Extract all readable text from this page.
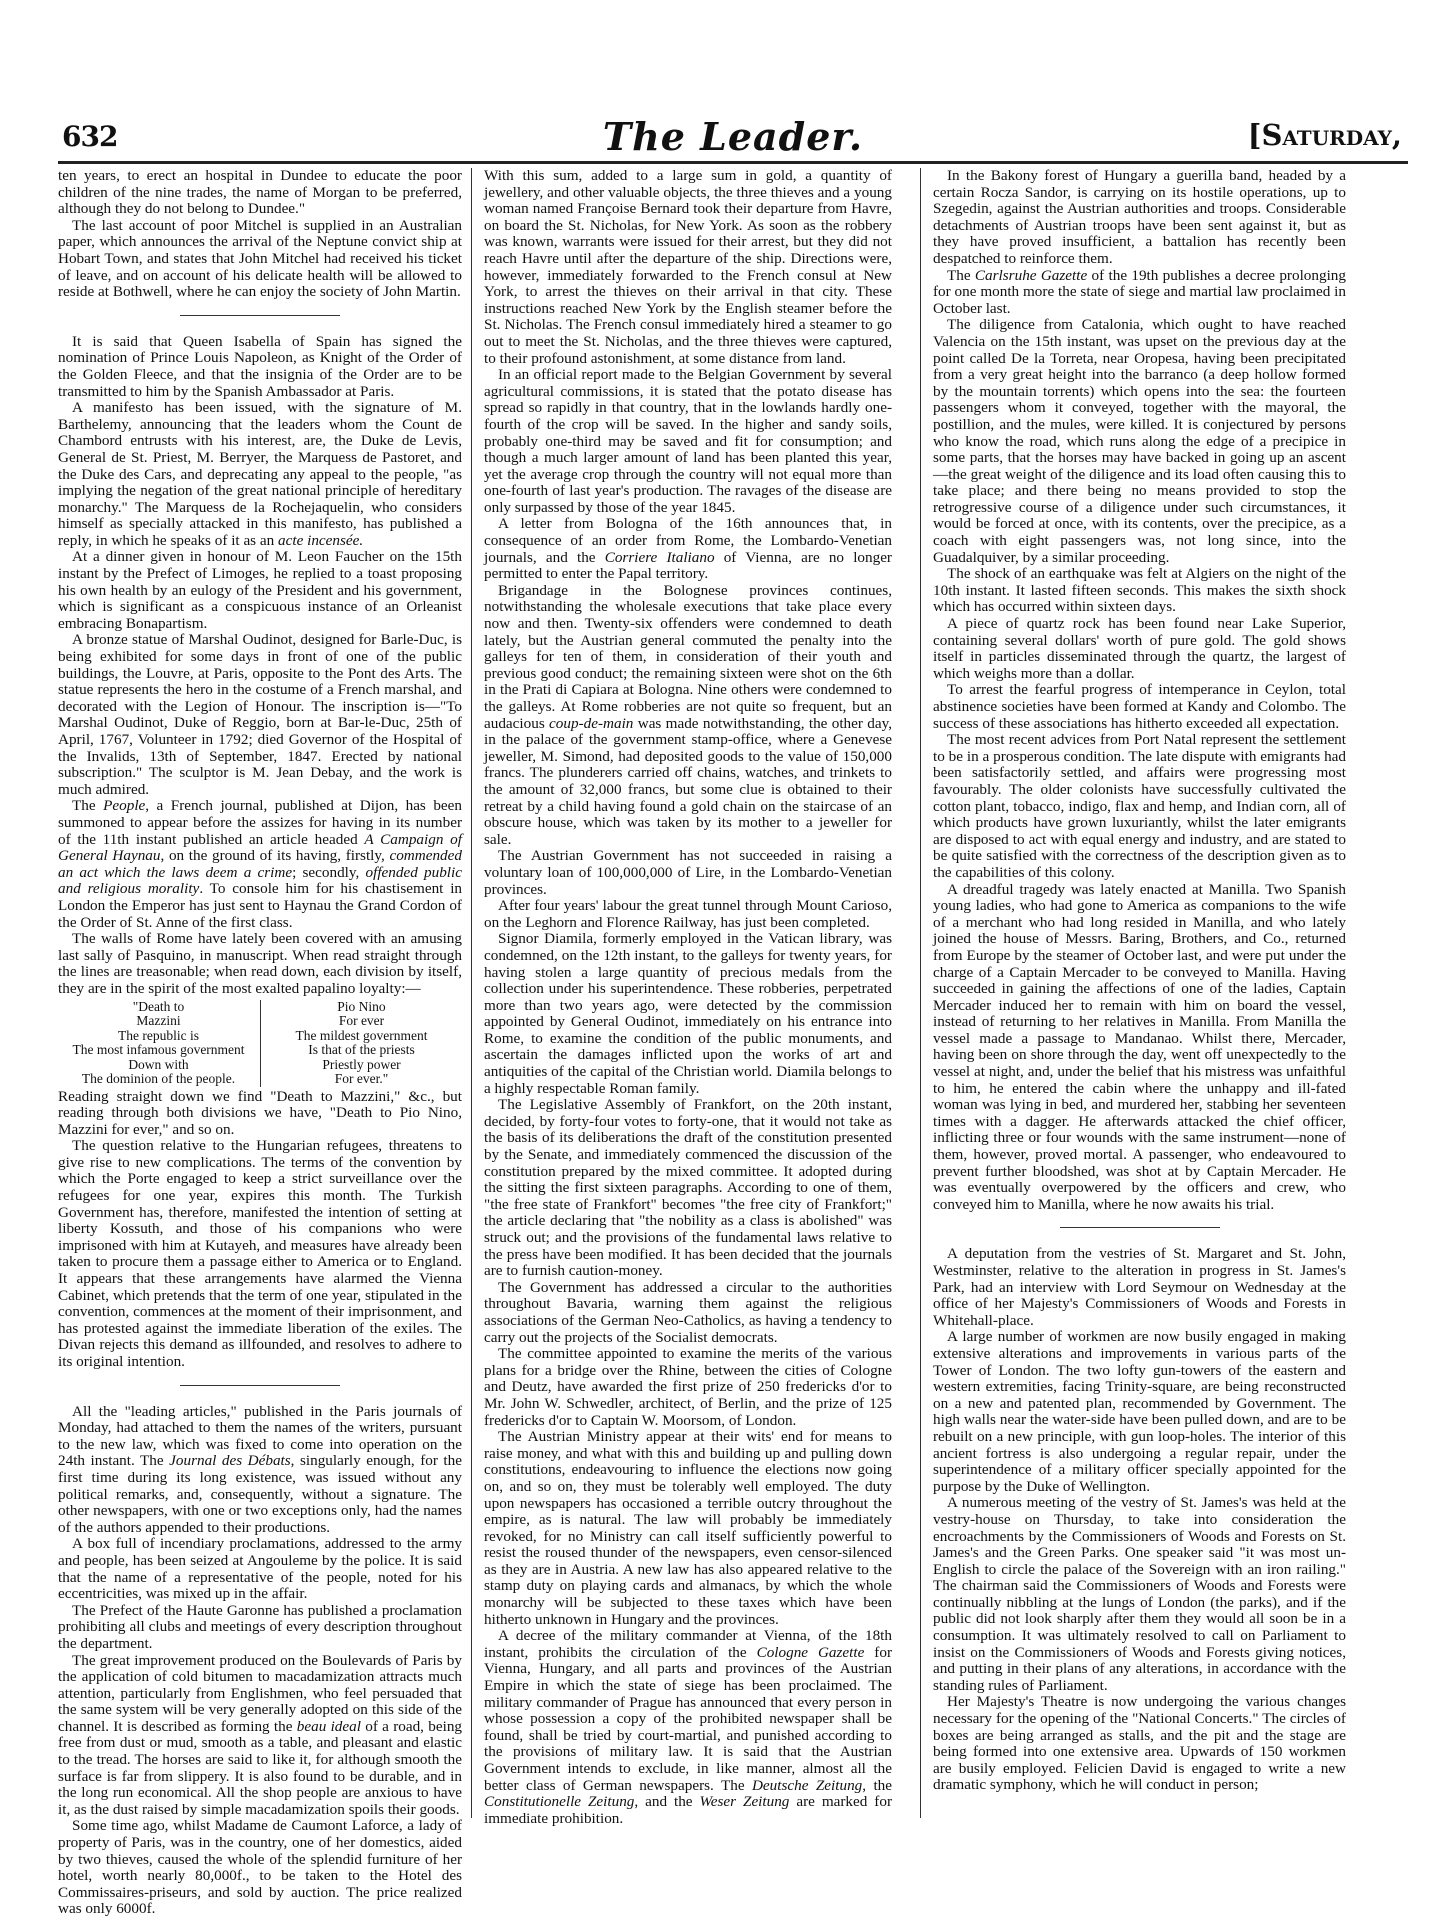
632	The Leader.	[Saturday,

ten years, to erect an hospital in Dundee to educate the poor children of the nine trades, the name of Morgan to be preferred, although they do not belong to Dundee."

The last account of poor Mitchel is supplied in an Australian paper, which announces the arrival of the Neptune convict ship at Hobart Town, and states that John Mitchel had received his ticket of leave, and on account of his delicate health will be allowed to reside at Bothwell, where he can enjoy the society of John Martin.

It is said that Queen Isabella of Spain has signed the nomination of Prince Louis Napoleon, as Knight of the Order of the Golden Fleece, and that the insignia of the Order are to be transmitted to him by the Spanish Ambassador at Paris.

A manifesto has been issued, with the signature of M. Barthelemy, announcing that the leaders whom the Count de Chambord entrusts with his interest, are, the Duke de Levis, General de St. Priest, M. Berryer, the Marquess de Pastoret, and the Duke des Cars, and deprecating any appeal to the people, "as implying the negation of the great national principle of hereditary monarchy." The Marquess de la Rochejaquelin, who considers himself as specially attacked in this manifesto, has published a reply, in which he speaks of it as an acte incensée.

At a dinner given in honour of M. Leon Faucher on the 15th instant by the Prefect of Limoges, he replied to a toast proposing his own health by an eulogy of the President and his government, which is significant as a conspicuous instance of an Orleanist embracing Bonapartism.

A bronze statue of Marshal Oudinot, designed for Barle-Duc, is being exhibited for some days in front of one of the public buildings, the Louvre, at Paris, opposite to the Pont des Arts. The statue represents the hero in the costume of a French marshal, and decorated with the Legion of Honour. The inscription is—"To Marshal Oudinot, Duke of Reggio, born at Bar-le-Duc, 25th of April, 1767, Volunteer in 1792; died Governor of the Hospital of the Invalids, 13th of September, 1847. Erected by national subscription." The sculptor is M. Jean Debay, and the work is much admired.

The People, a French journal, published at Dijon, has been summoned to appear before the assizes for having in its number of the 11th instant published an article headed A Campaign of General Haynau, on the ground of its having, firstly, commended an act which the laws deem a crime; secondly, offended public and religious morality. To console him for his chastisement in London the Emperor has just sent to Haynau the Grand Cordon of the Order of St. Anne of the first class.

The walls of Rome have lately been covered with an amusing last sally of Pasquino, in manuscript. When read straight through the lines are treasonable; when read down, each division by itself, they are in the spirit of the most exalted papalino loyalty:—

"Death to
Mazzini
The republic is
The most infamous government
Down with
The dominion of the people.
Pio Nino
For ever
The mildest government
Is that of the priests
Priestly power
For ever."

Reading straight down we find "Death to Mazzini," &c., but reading through both divisions we have, "Death to Pio Nino, Mazzini for ever," and so on.

The question relative to the Hungarian refugees, threatens to give rise to new complications. The terms of the convention by which the Porte engaged to keep a strict surveillance over the refugees for one year, expires this month. The Turkish Government has, therefore, manifested the intention of setting at liberty Kossuth, and those of his companions who were imprisoned with him at Kutayeh, and measures have already been taken to procure them a passage either to America or to England. It appears that these arrangements have alarmed the Vienna Cabinet, which pretends that the term of one year, stipulated in the convention, commences at the moment of their imprisonment, and has protested against the immediate liberation of the exiles. The Divan rejects this demand as illfounded, and resolves to adhere to its original intention.

All the "leading articles," published in the Paris journals of Monday, had attached to them the names of the writers, pursuant to the new law, which was fixed to come into operation on the 24th instant. The Journal des Débats, singularly enough, for the first time during its long existence, was issued without any political remarks, and, consequently, without a signature. The other newspapers, with one or two exceptions only, had the names of the authors appended to their productions.

A box full of incendiary proclamations, addressed to the army and people, has been seized at Angouleme by the police. It is said that the name of a representative of the people, noted for his eccentricities, was mixed up in the affair.

The Prefect of the Haute Garonne has published a proclamation prohibiting all clubs and meetings of every description throughout the department.

The great improvement produced on the Boulevards of Paris by the application of cold bitumen to macadamization attracts much attention, particularly from Englishmen, who feel persuaded that the same system will be very generally adopted on this side of the channel. It is described as forming the beau ideal of a road, being free from dust or mud, smooth as a table, and pleasant and elastic to the tread. The horses are said to like it, for although smooth the surface is far from slippery. It is also found to be durable, and in the long run economical. All the shop people are anxious to have it, as the dust raised by simple macadamization spoils their goods.

Some time ago, whilst Madame de Caumont Laforce, a lady of property of Paris, was in the country, one of her domestics, aided by two thieves, caused the whole of the splendid furniture of her hotel, worth nearly 80,000f., to be taken to the Hotel des Commissaires-priseurs, and sold by auction. The price realized was only 6000f.

With this sum, added to a large sum in gold, a quantity of jewellery, and other valuable objects, the three thieves and a young woman named Françoise Bernard took their departure from Havre, on board the St. Nicholas, for New York. As soon as the robbery was known, warrants were issued for their arrest, but they did not reach Havre until after the departure of the ship. Directions were, however, immediately forwarded to the French consul at New York, to arrest the thieves on their arrival in that city. These instructions reached New York by the English steamer before the St. Nicholas. The French consul immediately hired a steamer to go out to meet the St. Nicholas, and the three thieves were captured, to their profound astonishment, at some distance from land.

In an official report made to the Belgian Government by several agricultural commissions, it is stated that the potato disease has spread so rapidly in that country, that in the lowlands hardly one-fourth of the crop will be saved. In the higher and sandy soils, probably one-third may be saved and fit for consumption; and though a much larger amount of land has been planted this year, yet the average crop through the country will not equal more than one-fourth of last year's production. The ravages of the disease are only surpassed by those of the year 1845.

A letter from Bologna of the 16th announces that, in consequence of an order from Rome, the Lombardo-Venetian journals, and the Corriere Italiano of Vienna, are no longer permitted to enter the Papal territory.

Brigandage in the Bolognese provinces continues, notwithstanding the wholesale executions that take place every now and then. Twenty-six offenders were condemned to death lately, but the Austrian general commuted the penalty into the galleys for ten of them, in consideration of their youth and previous good conduct; the remaining sixteen were shot on the 6th in the Prati di Capiara at Bologna. Nine others were condemned to the galleys. At Rome robberies are not quite so frequent, but an audacious coup-de-main was made notwithstanding, the other day, in the palace of the government stamp-office, where a Genevese jeweller, M. Simond, had deposited goods to the value of 150,000 francs. The plunderers carried off chains, watches, and trinkets to the amount of 32,000 francs, but some clue is obtained to their retreat by a child having found a gold chain on the staircase of an obscure house, which was taken by its mother to a jeweller for sale.

The Austrian Government has not succeeded in raising a voluntary loan of 100,000,000 of Lire, in the Lombardo-Venetian provinces.

After four years' labour the great tunnel through Mount Carioso, on the Leghorn and Florence Railway, has just been completed.

Signor Diamila, formerly employed in the Vatican library, was condemned, on the 12th instant, to the galleys for twenty years, for having stolen a large quantity of precious medals from the collection under his superintendence. These robberies, perpetrated more than two years ago, were detected by the commission appointed by General Oudinot, immediately on his entrance into Rome, to examine the condition of the public monuments, and ascertain the damages inflicted upon the works of art and antiquities of the capital of the Christian world. Diamila belongs to a highly respectable Roman family.

The Legislative Assembly of Frankfort, on the 20th instant, decided, by forty-four votes to forty-one, that it would not take as the basis of its deliberations the draft of the constitution presented by the Senate, and immediately commenced the discussion of the constitution prepared by the mixed committee. It adopted during the sitting the first sixteen paragraphs. According to one of them, "the free state of Frankfort" becomes "the free city of Frankfort;" the article declaring that "the nobility as a class is abolished" was struck out; and the provisions of the fundamental laws relative to the press have been modified. It has been decided that the journals are to furnish caution-money.

The Government has addressed a circular to the authorities throughout Bavaria, warning them against the religious associations of the German Neo-Catholics, as having a tendency to carry out the projects of the Socialist democrats.

The committee appointed to examine the merits of the various plans for a bridge over the Rhine, between the cities of Cologne and Deutz, have awarded the first prize of 250 fredericks d'or to Mr. John W. Schwedler, architect, of Berlin, and the prize of 125 fredericks d'or to Captain W. Moorsom, of London.

The Austrian Ministry appear at their wits' end for means to raise money, and what with this and building up and pulling down constitutions, endeavouring to influence the elections now going on, and so on, they must be tolerably well employed. The duty upon newspapers has occasioned a terrible outcry throughout the empire, as is natural. The law will probably be immediately revoked, for no Ministry can call itself sufficiently powerful to resist the roused thunder of the newspapers, even censor-silenced as they are in Austria. A new law has also appeared relative to the stamp duty on playing cards and almanacs, by which the whole monarchy will be subjected to these taxes which have been hitherto unknown in Hungary and the provinces.

A decree of the military commander at Vienna, of the 18th instant, prohibits the circulation of the Cologne Gazette for Vienna, Hungary, and all parts and provinces of the Austrian Empire in which the state of siege has been proclaimed. The military commander of Prague has announced that every person in whose possession a copy of the prohibited newspaper shall be found, shall be tried by court-martial, and punished according to the provisions of military law. It is said that the Austrian Government intends to exclude, in like manner, almost all the better class of German newspapers. The Deutsche Zeitung, the Constitutionelle Zeitung, and the Weser Zeitung are marked for immediate prohibition.

In the Bakony forest of Hungary a guerilla band, headed by a certain Rocza Sandor, is carrying on its hostile operations, up to Szegedin, against the Austrian authorities and troops. Considerable detachments of Austrian troops have been sent against it, but as they have proved insufficient, a battalion has recently been despatched to reinforce them.

The Carlsruhe Gazette of the 19th publishes a decree prolonging for one month more the state of siege and martial law proclaimed in October last.

The diligence from Catalonia, which ought to have reached Valencia on the 15th instant, was upset on the previous day at the point called De la Torreta, near Oropesa, having been precipitated from a very great height into the barranco (a deep hollow formed by the mountain torrents) which opens into the sea: the fourteen passengers whom it conveyed, together with the mayoral, the postillion, and the mules, were killed. It is conjectured by persons who know the road, which runs along the edge of a precipice in some parts, that the horses may have backed in going up an ascent—the great weight of the diligence and its load often causing this to take place; and there being no means provided to stop the retrogressive course of a diligence under such circumstances, it would be forced at once, with its contents, over the precipice, as a coach with eight passengers was, not long since, into the Guadalquiver, by a similar proceeding.

The shock of an earthquake was felt at Algiers on the night of the 10th instant. It lasted fifteen seconds. This makes the sixth shock which has occurred within sixteen days.

A piece of quartz rock has been found near Lake Superior, containing several dollars' worth of pure gold. The gold shows itself in particles disseminated through the quartz, the largest of which weighs more than a dollar.

To arrest the fearful progress of intemperance in Ceylon, total abstinence societies have been formed at Kandy and Colombo. The success of these associations has hitherto exceeded all expectation.

The most recent advices from Port Natal represent the settlement to be in a prosperous condition. The late dispute with emigrants had been satisfactorily settled, and affairs were progressing most favourably. The older colonists have successfully cultivated the cotton plant, tobacco, indigo, flax and hemp, and Indian corn, all of which products have grown luxuriantly, whilst the later emigrants are disposed to act with equal energy and industry, and are stated to be quite satisfied with the correctness of the description given as to the capabilities of this colony.

A dreadful tragedy was lately enacted at Manilla. Two Spanish young ladies, who had gone to America as companions to the wife of a merchant who had long resided in Manilla, and who lately joined the house of Messrs. Baring, Brothers, and Co., returned from Europe by the steamer of October last, and were put under the charge of a Captain Mercader to be conveyed to Manilla. Having succeeded in gaining the affections of one of the ladies, Captain Mercader induced her to remain with him on board the vessel, instead of returning to her relatives in Manilla. From Manilla the vessel made a passage to Mandanao. Whilst there, Mercader, having been on shore through the day, went off unexpectedly to the vessel at night, and, under the belief that his mistress was unfaithful to him, he entered the cabin where the unhappy and ill-fated woman was lying in bed, and murdered her, stabbing her seventeen times with a dagger. He afterwards attacked the chief officer, inflicting three or four wounds with the same instrument—none of them, however, proved mortal. A passenger, who endeavoured to prevent further bloodshed, was shot at by Captain Mercader. He was eventually overpowered by the officers and crew, who conveyed him to Manilla, where he now awaits his trial.

A deputation from the vestries of St. Margaret and St. John, Westminster, relative to the alteration in progress in St. James's Park, had an interview with Lord Seymour on Wednesday at the office of her Majesty's Commissioners of Woods and Forests in Whitehall-place.

A large number of workmen are now busily engaged in making extensive alterations and improvements in various parts of the Tower of London. The two lofty gun-towers of the eastern and western extremities, facing Trinity-square, are being reconstructed on a new and patented plan, recommended by Government. The high walls near the water-side have been pulled down, and are to be rebuilt on a new principle, with gun loop-holes. The interior of this ancient fortress is also undergoing a regular repair, under the superintendence of a military officer specially appointed for the purpose by the Duke of Wellington.

A numerous meeting of the vestry of St. James's was held at the vestry-house on Thursday, to take into consideration the encroachments by the Commissioners of Woods and Forests on St. James's and the Green Parks. One speaker said "it was most un-English to circle the palace of the Sovereign with an iron railing." The chairman said the Commissioners of Woods and Forests were continually nibbling at the lungs of London (the parks), and if the public did not look sharply after them they would all soon be in a consumption. It was ultimately resolved to call on Parliament to insist on the Commissioners of Woods and Forests giving notices, and putting in their plans of any alterations, in accordance with the standing rules of Parliament.

Her Majesty's Theatre is now undergoing the various changes necessary for the opening of the "National Concerts." The circles of boxes are being arranged as stalls, and the pit and the stage are being formed into one extensive area. Upwards of 150 workmen are busily employed. Felicien David is engaged to write a new dramatic symphony, which he will conduct in person;
